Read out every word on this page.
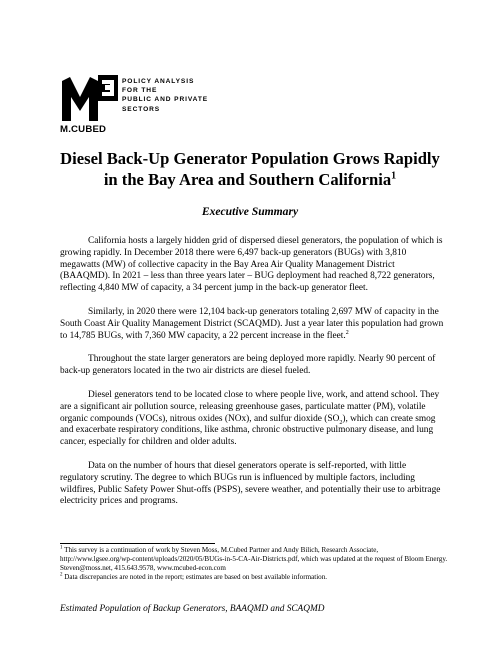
POLICY ANALYSIS
FOR THE
PUBLIC AND PRIVATE
SECTORS
M.CUBED
Diesel Back-Up Generator Population Grows Rapidly
in the Bay Area and Southern California$^1$
Executive Summary

California hosts a largely hidden grid of dispersed diesel generators, the population of which is growing rapidly. In December 2018 there were 6,497 back-up generators (BUGs) with 3,810 megawatts (MW) of collective capacity in the Bay Area Air Quality Management District (BAAQMD). In 2021 – less than three years later – BUG deployment had reached 8,722 generators, reflecting 4,840 MW of capacity, a 34 percent jump in the back-up generator fleet.

Similarly, in 2020 there were 12,104 back-up generators totaling 2,697 MW of capacity in the South Coast Air Quality Management District (SCAQMD). Just a year later this population had grown to 14,785 BUGs, with 7,360 MW capacity, a 22 percent increase in the fleet.$^2$

Throughout the state larger generators are being deployed more rapidly. Nearly 90 percent of back-up generators located in the two air districts are diesel fueled.

Diesel generators tend to be located close to where people live, work, and attend school. They are a significant air pollution source, releasing greenhouse gases, particulate matter (PM), volatile organic compounds (VOCs), nitrous oxides (NOx), and sulfur dioxide $(SO_2)$, which can create smog and exacerbate respiratory conditions, like asthma, chronic obstructive pulmonary disease, and lung cancer, especially for children and older adults.

Data on the number of hours that diesel generators operate is self-reported, with little regulatory scrutiny. The degree to which BUGs run is influenced by multiple factors, including wildfires, Public Safety Power Shut-offs (PSPS), severe weather, and potentially their use to arbitrage electricity prices and programs.

$^1$ This survey is a continuation of work by Steven Moss, M.Cubed Partner and Andy Bilich, Research Associate, http://www.lgsee.org/wp-content/uploads/2020/05/BUGs-in-5-CA-Air-Districts.pdf, which was updated at the request of Bloom Energy. Steven@moss.net, 415.643.9578, www.mcubed-econ.com

$^2$ Data discrepancies are noted in the report; estimates are based on best available information.

Estimated Population of Backup Generators, BAAQMD and SCAQMD
